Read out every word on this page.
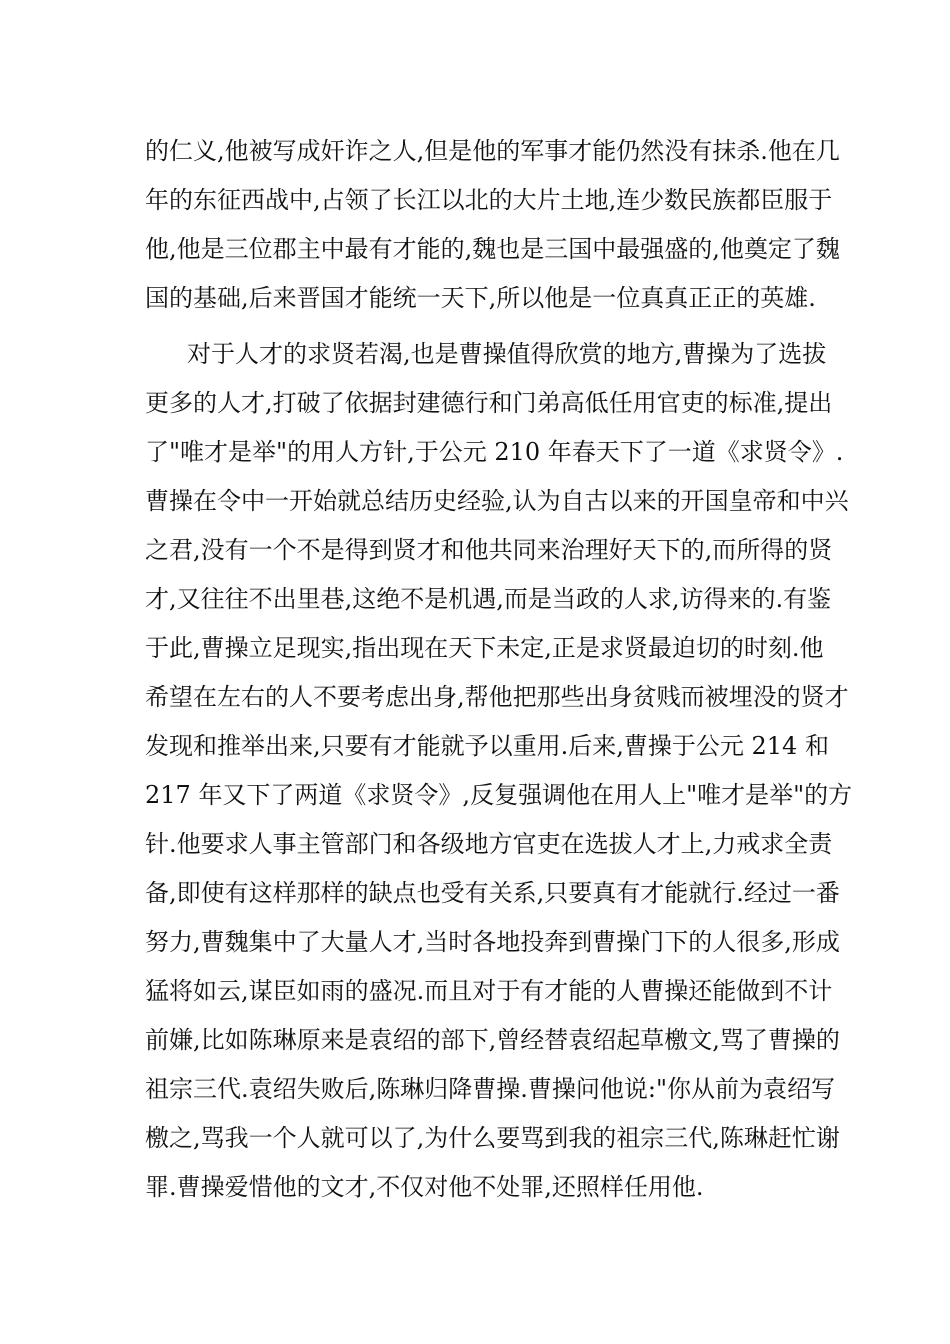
的仁义,他被写成奸诈之人,但是他的军事才能仍然没有抹杀.他在几
年的东征西战中,占领了长江以北的大片土地,连少数民族都臣服于
他,他是三位郡主中最有才能的,魏也是三国中最强盛的,他奠定了魏
国的基础,后来晋国才能统一天下,所以他是一位真真正正的英雄.
对于人才的求贤若渴,也是曹操值得欣赏的地方,曹操为了选拔
更多的人才,打破了依据封建德行和门弟高低任用官吏的标准,提出
了"唯才是举"的用人方针,于公元 210 年春天下了一道《求贤令》.
曹操在令中一开始就总结历史经验,认为自古以来的开国皇帝和中兴
之君,没有一个不是得到贤才和他共同来治理好天下的,而所得的贤
才,又往往不出里巷,这绝不是机遇,而是当政的人求,访得来的.有鉴
于此,曹操立足现实,指出现在天下未定,正是求贤最迫切的时刻.他
希望在左右的人不要考虑出身,帮他把那些出身贫贱而被埋没的贤才
发现和推举出来,只要有才能就予以重用.后来,曹操于公元 214 和
217 年又下了两道《求贤令》,反复强调他在用人上"唯才是举"的方
针.他要求人事主管部门和各级地方官吏在选拔人才上,力戒求全责
备,即使有这样那样的缺点也受有关系,只要真有才能就行.经过一番
努力,曹魏集中了大量人才,当时各地投奔到曹操门下的人很多,形成
猛将如云,谋臣如雨的盛况.而且对于有才能的人曹操还能做到不计
前嫌,比如陈琳原来是袁绍的部下,曾经替袁绍起草檄文,骂了曹操的
祖宗三代.袁绍失败后,陈琳归降曹操.曹操问他说:"你从前为袁绍写
檄之,骂我一个人就可以了,为什么要骂到我的祖宗三代,陈琳赶忙谢
罪.曹操爱惜他的文才,不仅对他不处罪,还照样任用他.
